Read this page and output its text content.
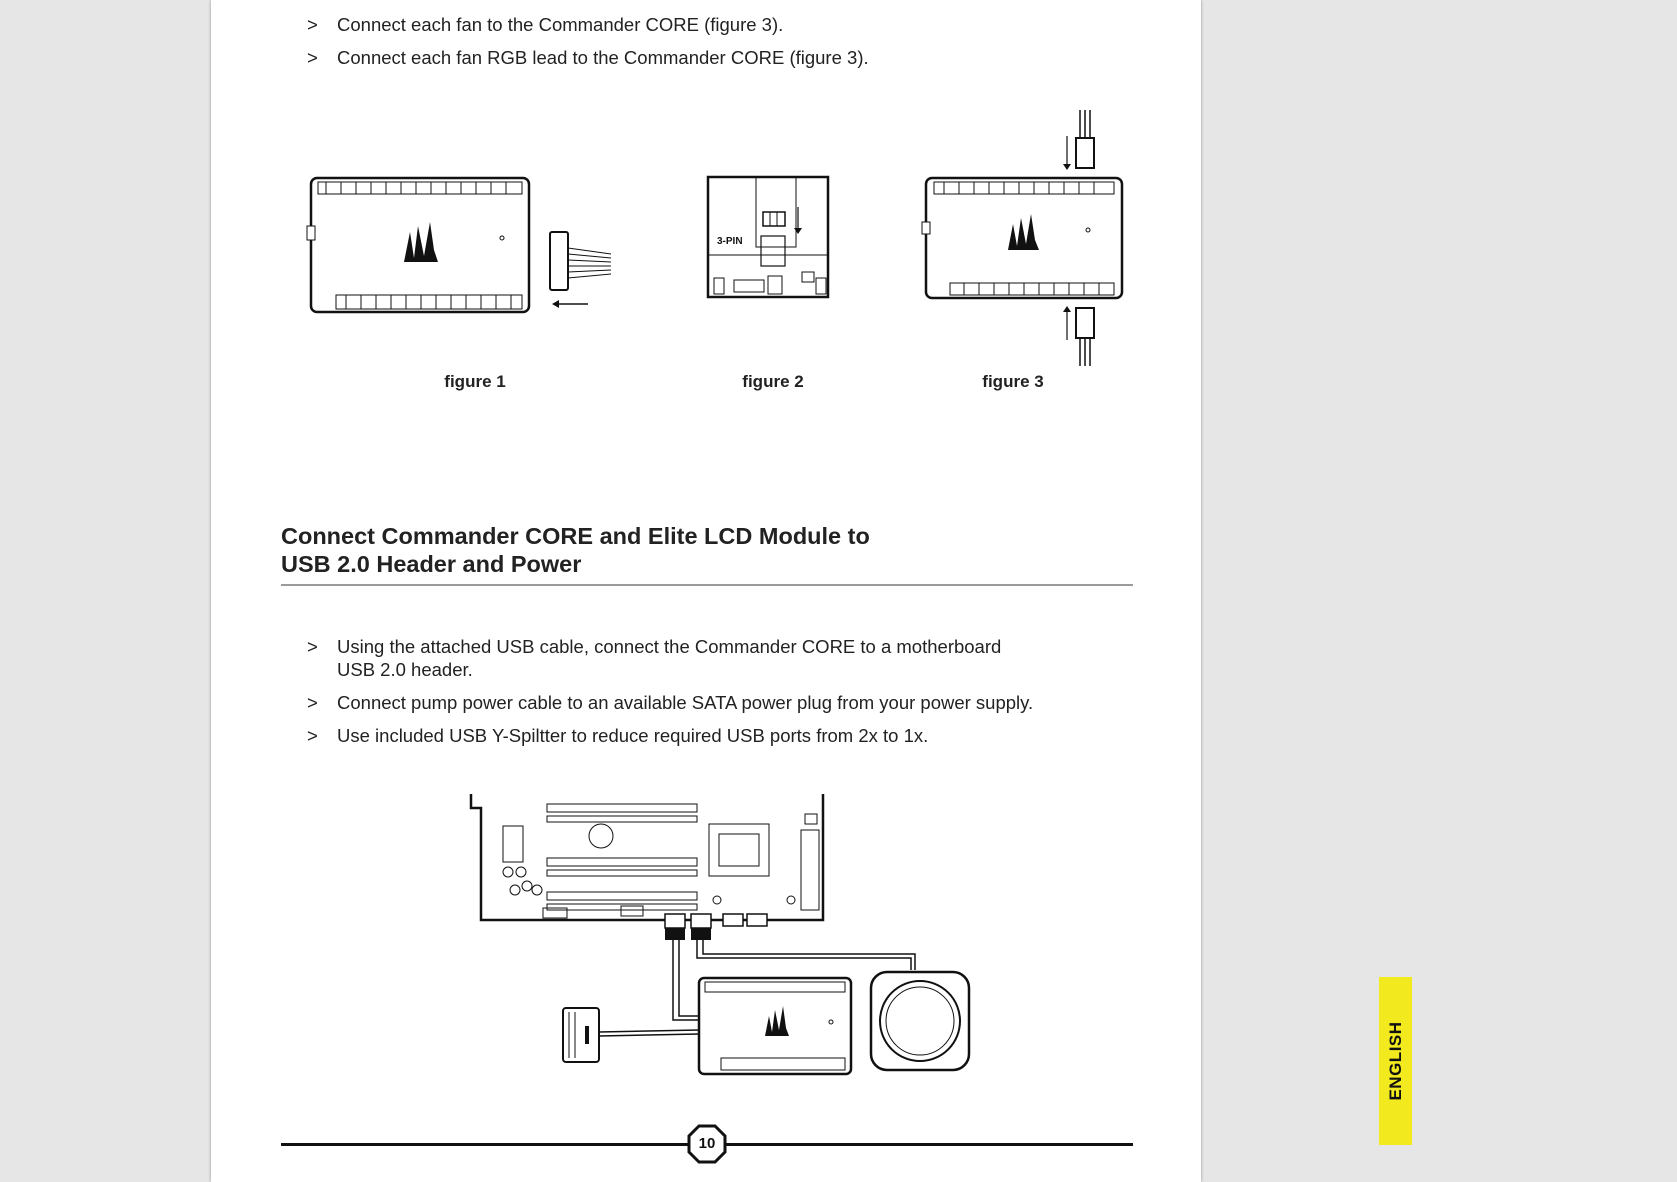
> Connect each fan to the Commander CORE (figure 3).
> Connect each fan RGB lead to the Commander CORE (figure 3).
3-PIN
figure 1	figure 2	figure 3
Connect Commander CORE and Elite LCD Module to
USB 2.0 Header and Power
> Using the attached USB cable, connect the Commander CORE to a motherboard USB 2.0 header.
> Connect pump power cable to an available SATA power plug from your power supply.
> Use included USB Y-Spiltter to reduce required USB ports from 2x to 1x.
10
ENGLISH
